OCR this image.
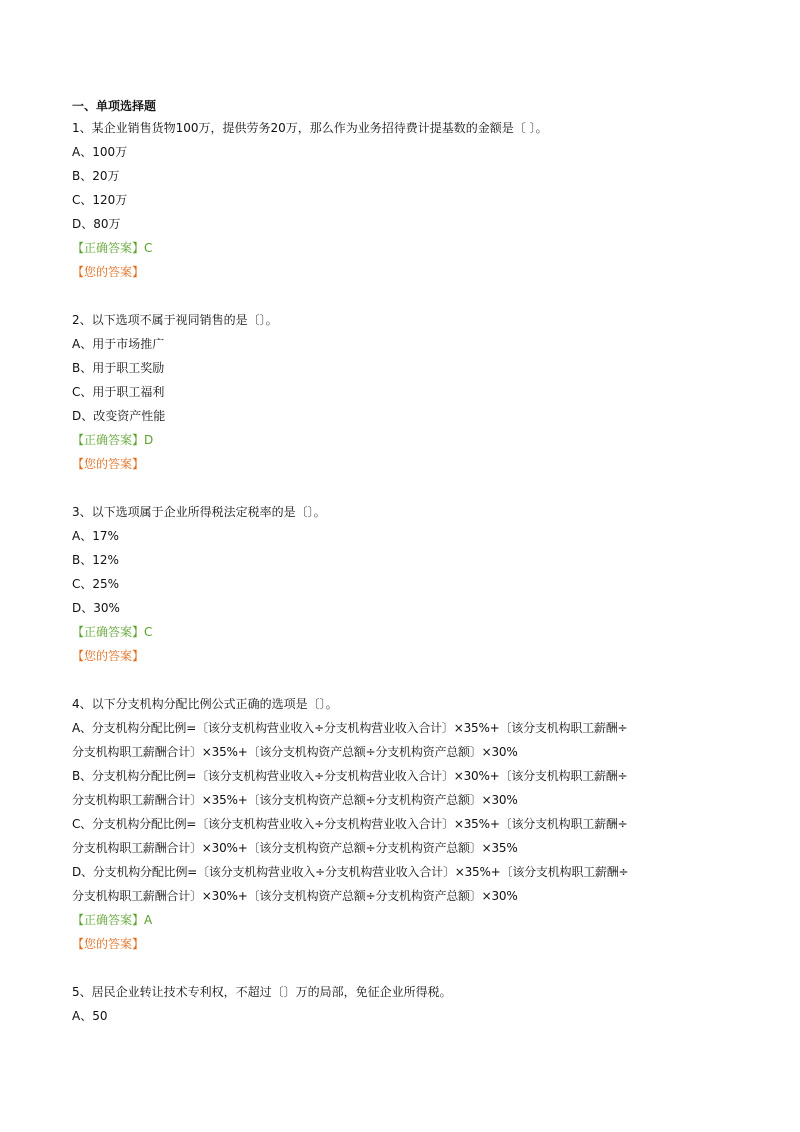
一、单项选择题
1、某企业销售货物100万，提供劳务20万，那么作为业务招待费计提基数的金额是〔 〕。
A、100万
B、20万
C、120万
D、80万
【正确答案】C
【您的答案】
2、以下选项不属于视同销售的是〔〕。
A、用于市场推广
B、用于职工奖励
C、用于职工福利
D、改变资产性能
【正确答案】D
【您的答案】
3、以下选项属于企业所得税法定税率的是〔〕。
A、17%
B、12%
C、25%
D、30%
【正确答案】C
【您的答案】
4、以下分支机构分配比例公式正确的选项是〔〕。
A、分支机构分配比例=〔该分支机构营业收入÷分支机构营业收入合计〕×35%+〔该分支机构职工薪酬÷
分支机构职工薪酬合计〕×35%+〔该分支机构资产总额÷分支机构资产总额〕×30%
B、分支机构分配比例=〔该分支机构营业收入÷分支机构营业收入合计〕×30%+〔该分支机构职工薪酬÷
分支机构职工薪酬合计〕×35%+〔该分支机构资产总额÷分支机构资产总额〕×30%
C、分支机构分配比例=〔该分支机构营业收入÷分支机构营业收入合计〕×35%+〔该分支机构职工薪酬÷
分支机构职工薪酬合计〕×30%+〔该分支机构资产总额÷分支机构资产总额〕×35%
D、分支机构分配比例=〔该分支机构营业收入÷分支机构营业收入合计〕×35%+〔该分支机构职工薪酬÷
分支机构职工薪酬合计〕×30%+〔该分支机构资产总额÷分支机构资产总额〕×30%
【正确答案】A
【您的答案】
5、居民企业转让技术专利权，不超过〔〕万的局部，免征企业所得税。
A、50
